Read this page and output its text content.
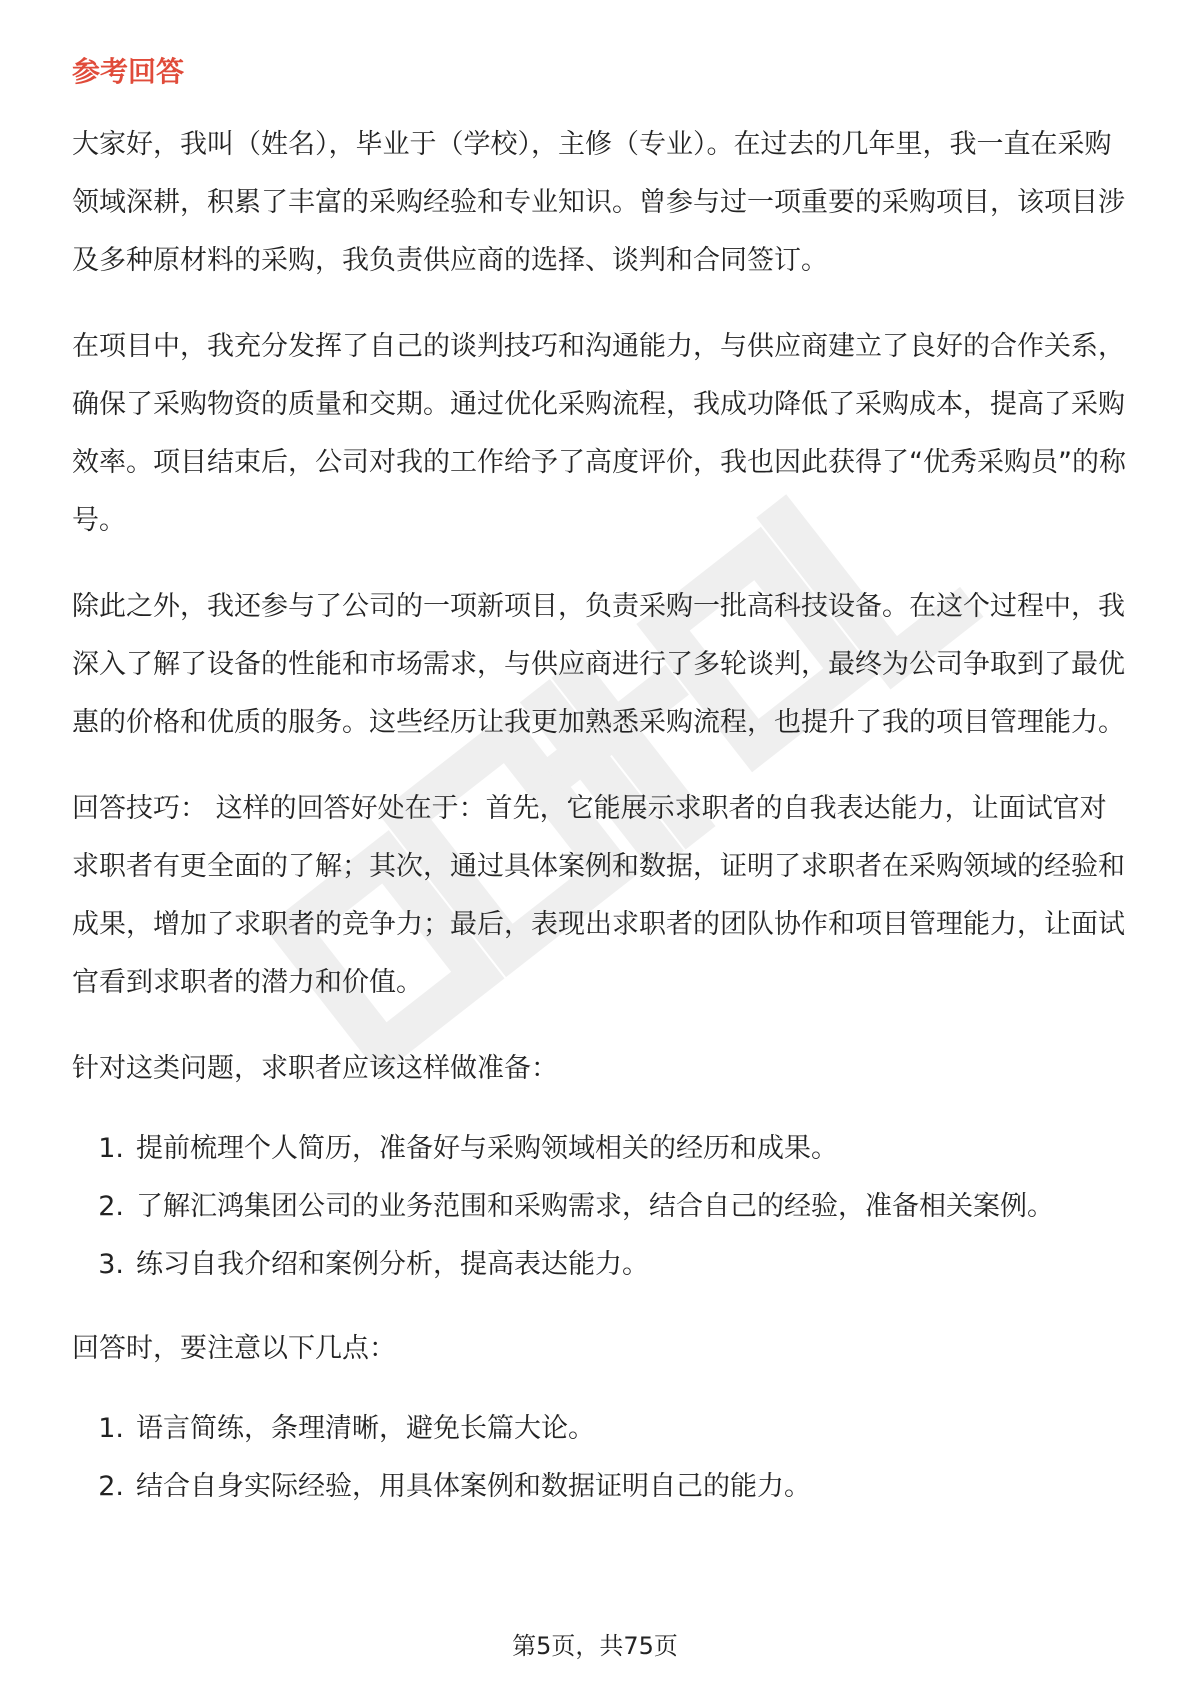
参考回答

大家好，我叫（姓名），毕业于（学校），主修（专业）。在过去的几年里，我一直在采购领域深耕，积累了丰富的采购经验和专业知识。曾参与过一项重要的采购项目，该项目涉及多种原材料的采购，我负责供应商的选择、谈判和合同签订。

在项目中，我充分发挥了自己的谈判技巧和沟通能力，与供应商建立了良好的合作关系，确保了采购物资的质量和交期。通过优化采购流程，我成功降低了采购成本，提高了采购效率。项目结束后，公司对我的工作给予了高度评价，我也因此获得了“优秀采购员”的称号。

除此之外，我还参与了公司的一项新项目，负责采购一批高科技设备。在这个过程中，我深入了解了设备的性能和市场需求，与供应商进行了多轮谈判，最终为公司争取到了最优惠的价格和优质的服务。这些经历让我更加熟悉采购流程，也提升了我的项目管理能力。

回答技巧： 这样的回答好处在于：首先，它能展示求职者的自我表达能力，让面试官对求职者有更全面的了解；其次，通过具体案例和数据，证明了求职者在采购领域的经验和成果，增加了求职者的竞争力；最后，表现出求职者的团队协作和项目管理能力，让面试官看到求职者的潜力和价值。

针对这类问题，求职者应该这样做准备：

1. 提前梳理个人简历，准备好与采购领域相关的经历和成果。
2. 了解汇鸿集团公司的业务范围和采购需求，结合自己的经验，准备相关案例。
3. 练习自我介绍和案例分析，提高表达能力。

回答时，要注意以下几点：

1. 语言简练，条理清晰，避免长篇大论。
2. 结合自身实际经验，用具体案例和数据证明自己的能力。
第5页，共75页
